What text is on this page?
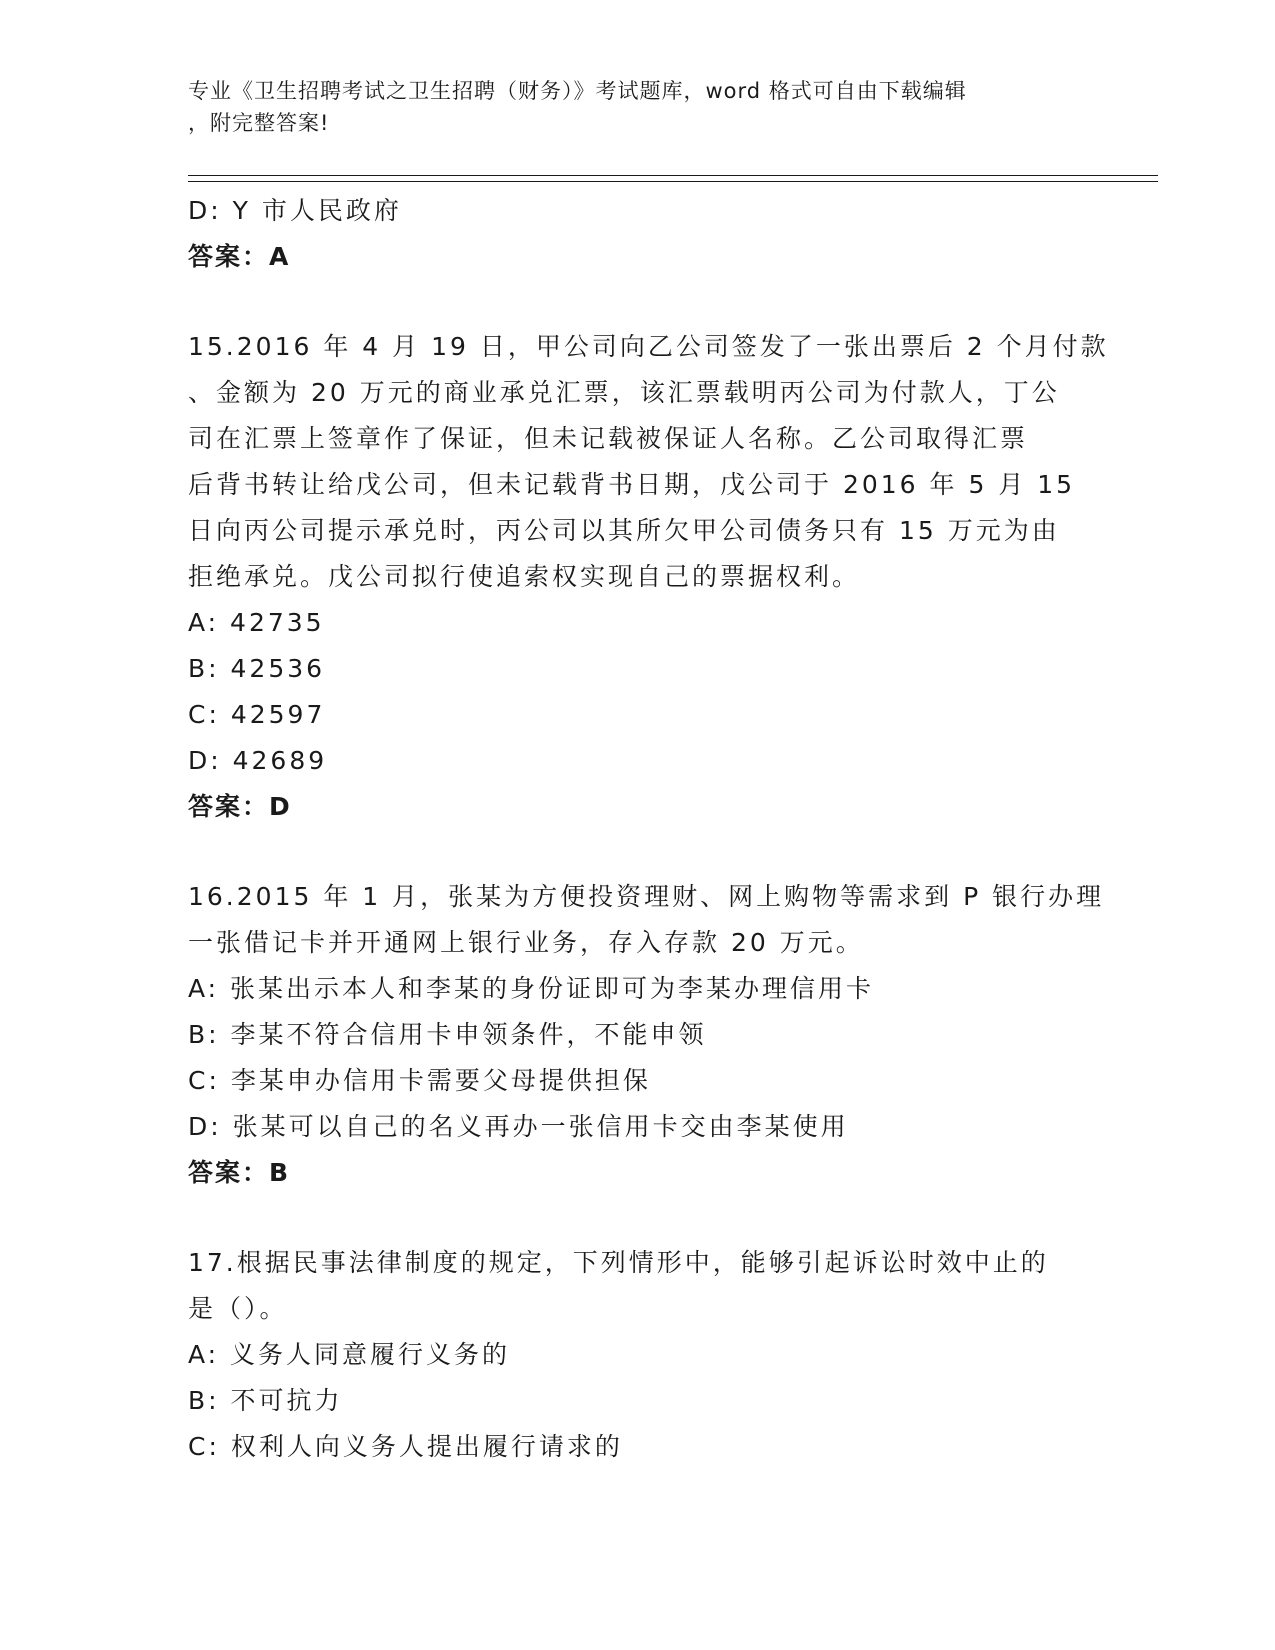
专业《卫生招聘考试之卫生招聘（财务）》考试题库，word 格式可自由下载编辑
，附完整答案!
D: Y 市人民政府
答案：A
15.2016 年 4 月 19 日，甲公司向乙公司签发了一张出票后 2 个月付款
、金额为 20 万元的商业承兑汇票，该汇票载明丙公司为付款人，丁公
司在汇票上签章作了保证，但未记载被保证人名称。乙公司取得汇票
后背书转让给戊公司，但未记载背书日期，戊公司于 2016 年 5 月 15
日向丙公司提示承兑时，丙公司以其所欠甲公司债务只有 15 万元为由
拒绝承兑。戊公司拟行使追索权实现自己的票据权利。
A: 42735
B: 42536
C: 42597
D: 42689
答案：D
16.2015 年 1 月，张某为方便投资理财、网上购物等需求到 P 银行办理
一张借记卡并开通网上银行业务，存入存款 20 万元。
A: 张某出示本人和李某的身份证即可为李某办理信用卡
B: 李某不符合信用卡申领条件，不能申领
C: 李某申办信用卡需要父母提供担保
D: 张某可以自己的名义再办一张信用卡交由李某使用
答案：B
17.根据民事法律制度的规定，下列情形中，能够引起诉讼时效中止的
是（）。
A: 义务人同意履行义务的
B: 不可抗力
C: 权利人向义务人提出履行请求的
